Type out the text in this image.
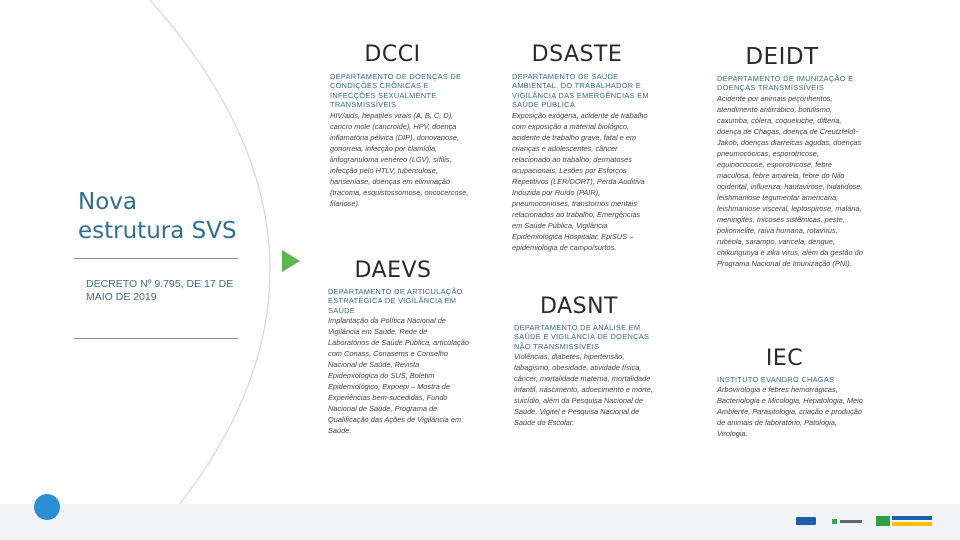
Nova estrutura SVS
DECRETO Nº 9.795, DE 17 DE MAIO DE 2019
DCCI
DEPARTAMENTO DE DOENÇAS DE CONDIÇÕES CRÔNICAS E INFECÇÕES SEXUALMENTE TRANSMISSÍVEIS
HIV/aids, hepatites virais (A, B, C, D), cancro mole (cancroide), HPV, doença inflamatória pélvica (DIP), donovanose, gonorreia, infecção por clamídia, linfogranuloma venéreo (LGV), sífilis, infecção pelo HTLV, tuberculose, hanseníase, doenças em eliminação (tracoma, esquistossomose, oncocercose, filariose).
DAEVS
DEPARTAMENTO DE ARTICULAÇÃO ESTRATÉGICA DE VIGILÂNCIA EM SAÚDE
Implantação da Política Nacional de Vigilância em Saúde, Rede de Laboratórios de Saúde Pública, articulação com Conass, Conasems e Conselho Nacional de Saúde, Revista Epidemiológica do SUS, Boletim Epidemiológico, Expoepi – Mostra de Experiências bem-sucedidas, Fundo Nacional de Saúde, Programa de Qualificação das Ações de Vigilância em Saúde.
DSASTE
DEPARTAMENTO DE SAÚDE AMBIENTAL, DO TRABALHADOR E VIGILÂNCIA DAS EMERGÊNCIAS EM SAÚDE PÚBLICA
Exposição exógena, acidente de trabalho com exposição a material biológico, acidente de trabalho grave, fatal e em crianças e adolescentes, câncer relacionado ao trabalho, dermatoses ocupacionais, Lesões por Esforços Repetitivos (LER/DORT), Perda Auditiva Induzida por Ruído (PAIR), pneumoconioses, transtornos mentais relacionados ao trabalho, Emergências em Saúde Pública, Vigilância Epidemiológica Hospitalar, EpiSUS – epidemiologia de campo/surtos.
DASNT
DEPARTAMENTO DE ANÁLISE EM SAÚDE E VIGILÂNCIA DE DOENÇAS NÃO TRANSMISSÍVEIS
Violências, diabetes, hipertensão, tabagismo, obesidade, atividade física, câncer, mortalidade materna, mortalidade infantil, nascimento, adoecimento e morte, suicídio, além da Pesquisa Nacional de Saúde, Vigitel e Pesquisa Nacional de Saúde do Escolar.
DEIDT
DEPARTAMENTO DE IMUNIZAÇÃO E DOENÇAS TRANSMISSÍVEIS
Acidente por animais peçonhentos, atendimento antirrábico, botulismo, caxumba, cólera, coqueluche, difteria, doença de Chagas, doença de Creutzfeldt-Jakob, doenças diarreicas agudas, doenças pneumocócicas, esporotricose, equinococose, esporotricose, febre maculosa, febre amarela, febre do Nilo ocidental, influenza, hantavirose, hidatidose, leishmaniose tegumentar americana, leishmaniose visceral, leptospirose, malária, meningites, micoses sistêmicas, peste, poliomielite, raiva humana, rotavírus, rubéola, sarampo, varicela, dengue, chikungunya e zika vírus, além da gestão do Programa Nacional de Imunização (PNI).
IEC
INSTITUTO EVANDRO CHAGAS
Arbovirologia e febres hemorrágicas, Bacteriologia e Micologia, Hepatologia, Meio Ambiente, Parasitologia, criação e produção de animais de laboratório, Patologia, Virologia.
